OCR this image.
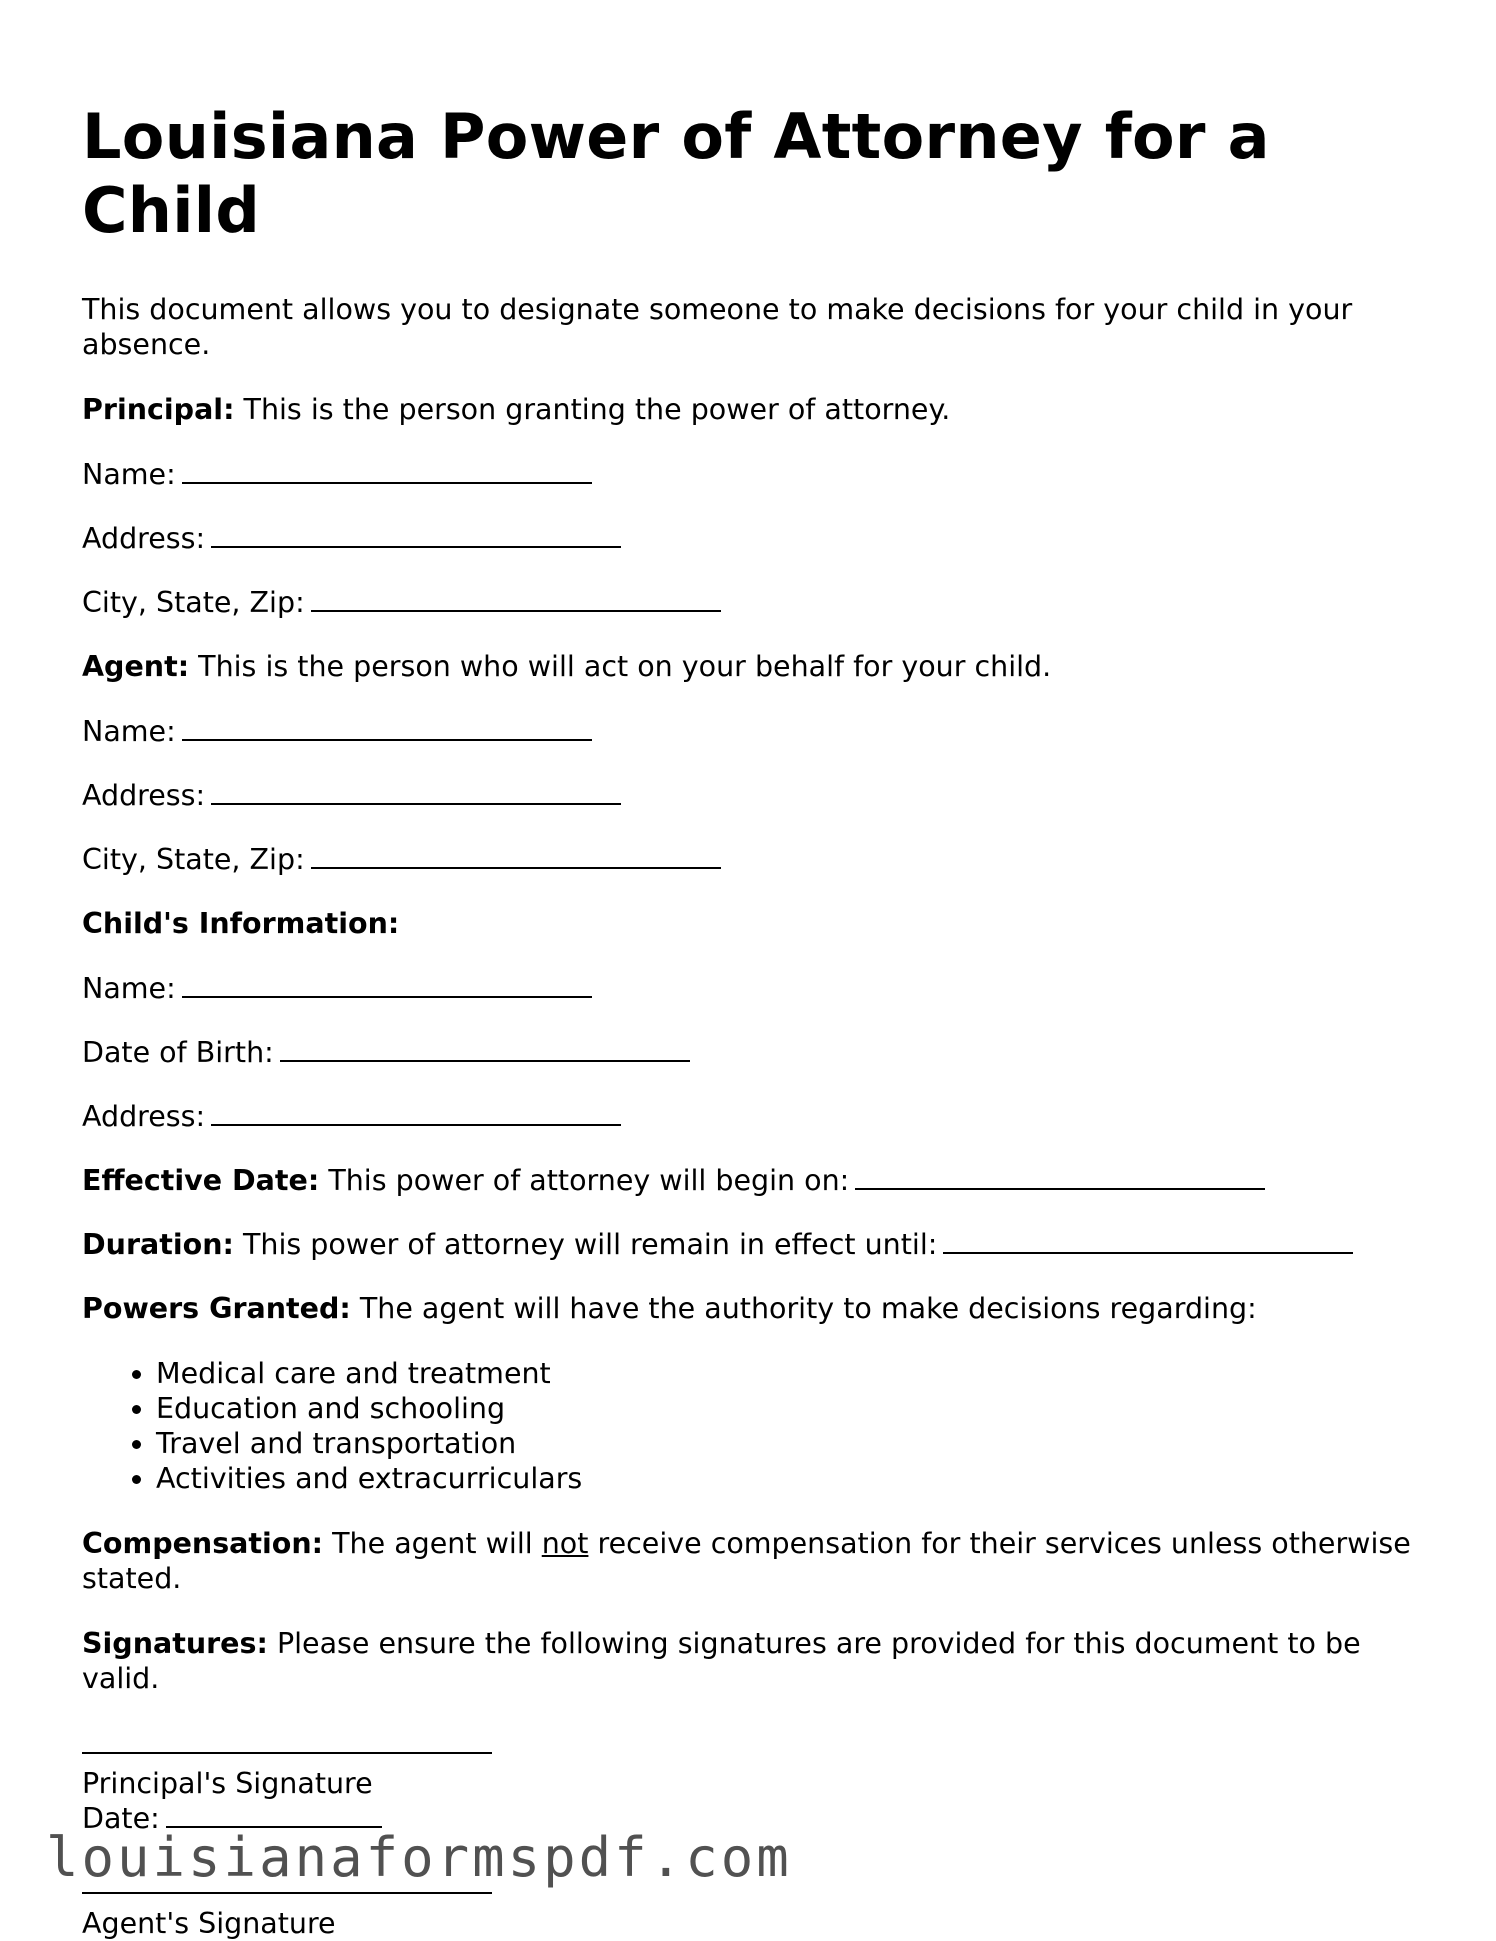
Louisiana Power of Attorney for a Child

This document allows you to designate someone to make decisions for your child in your absence.

Principal: This is the person granting the power of attorney.

Name:
Address:
City, State, Zip:

Agent: This is the person who will act on your behalf for your child.

Name:
Address:
City, State, Zip:

Child's Information:

Name:
Date of Birth:
Address:
Effective Date: This power of attorney will begin on:
Duration: This power of attorney will remain in effect until:

Powers Granted: The agent will have the authority to make decisions regarding:

• Medical care and treatment
• Education and schooling
• Travel and transportation
• Activities and extracurriculars

Compensation: The agent will not receive compensation for their services unless otherwise stated.

Signatures: Please ensure the following signatures are provided for this document to be valid.

Principal's Signature
Date:
Agent's Signature
louisianaformspdf.com
